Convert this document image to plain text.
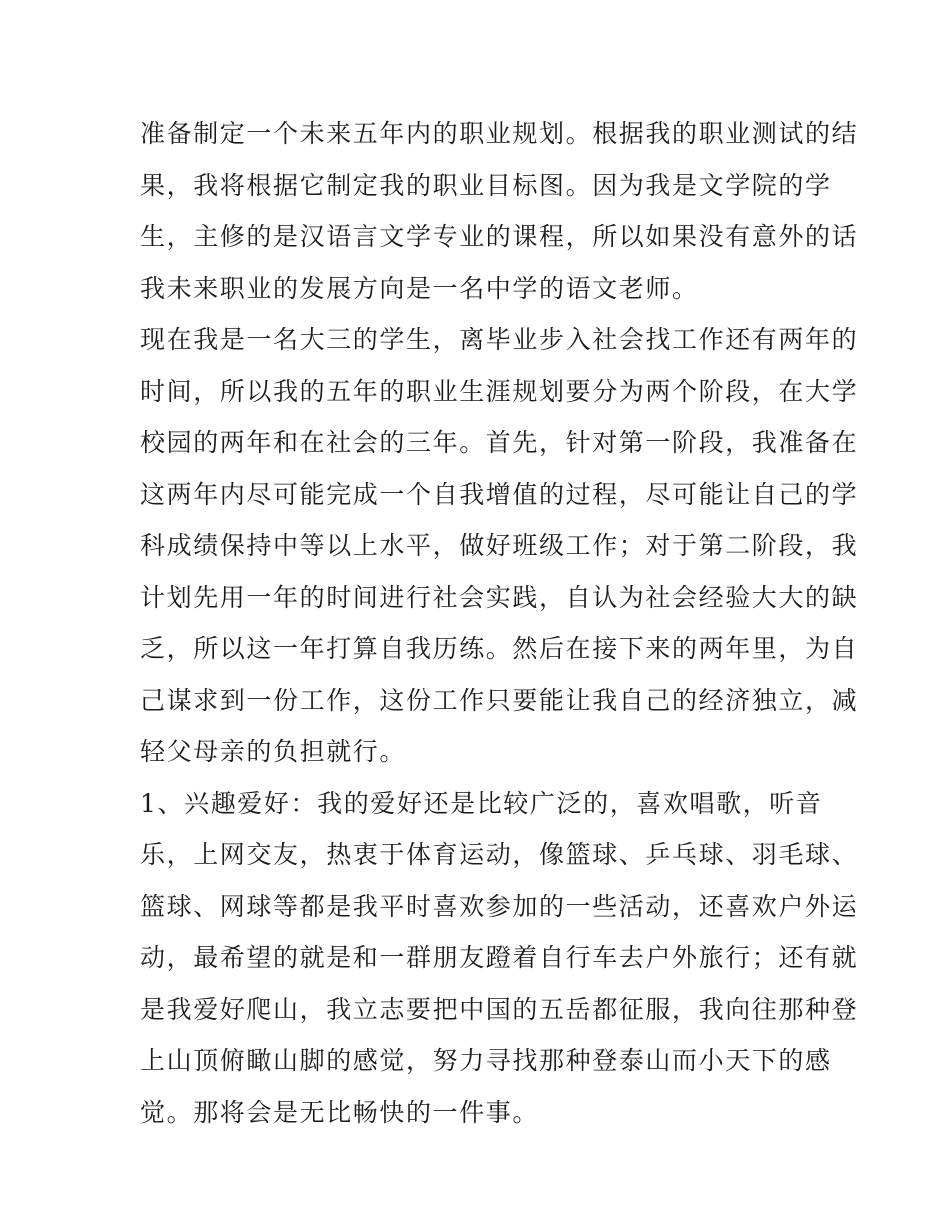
准备制定一个未来五年内的职业规划。根据我的职业测试的结
果，我将根据它制定我的职业目标图。因为我是文学院的学
生，主修的是汉语言文学专业的课程，所以如果没有意外的话
我未来职业的发展方向是一名中学的语文老师。
现在我是一名大三的学生，离毕业步入社会找工作还有两年的
时间，所以我的五年的职业生涯规划要分为两个阶段，在大学
校园的两年和在社会的三年。首先，针对第一阶段，我准备在
这两年内尽可能完成一个自我增值的过程，尽可能让自己的学
科成绩保持中等以上水平，做好班级工作；对于第二阶段，我
计划先用一年的时间进行社会实践，自认为社会经验大大的缺
乏，所以这一年打算自我历练。然后在接下来的两年里，为自
己谋求到一份工作，这份工作只要能让我自己的经济独立，减
轻父母亲的负担就行。
1、兴趣爱好：我的爱好还是比较广泛的，喜欢唱歌，听音
乐，上网交友，热衷于体育运动，像篮球、乒乓球、羽毛球、
篮球、网球等都是我平时喜欢参加的一些活动，还喜欢户外运
动，最希望的就是和一群朋友蹬着自行车去户外旅行；还有就
是我爱好爬山，我立志要把中国的五岳都征服，我向往那种登
上山顶俯瞰山脚的感觉，努力寻找那种登泰山而小天下的感
觉。那将会是无比畅快的一件事。
